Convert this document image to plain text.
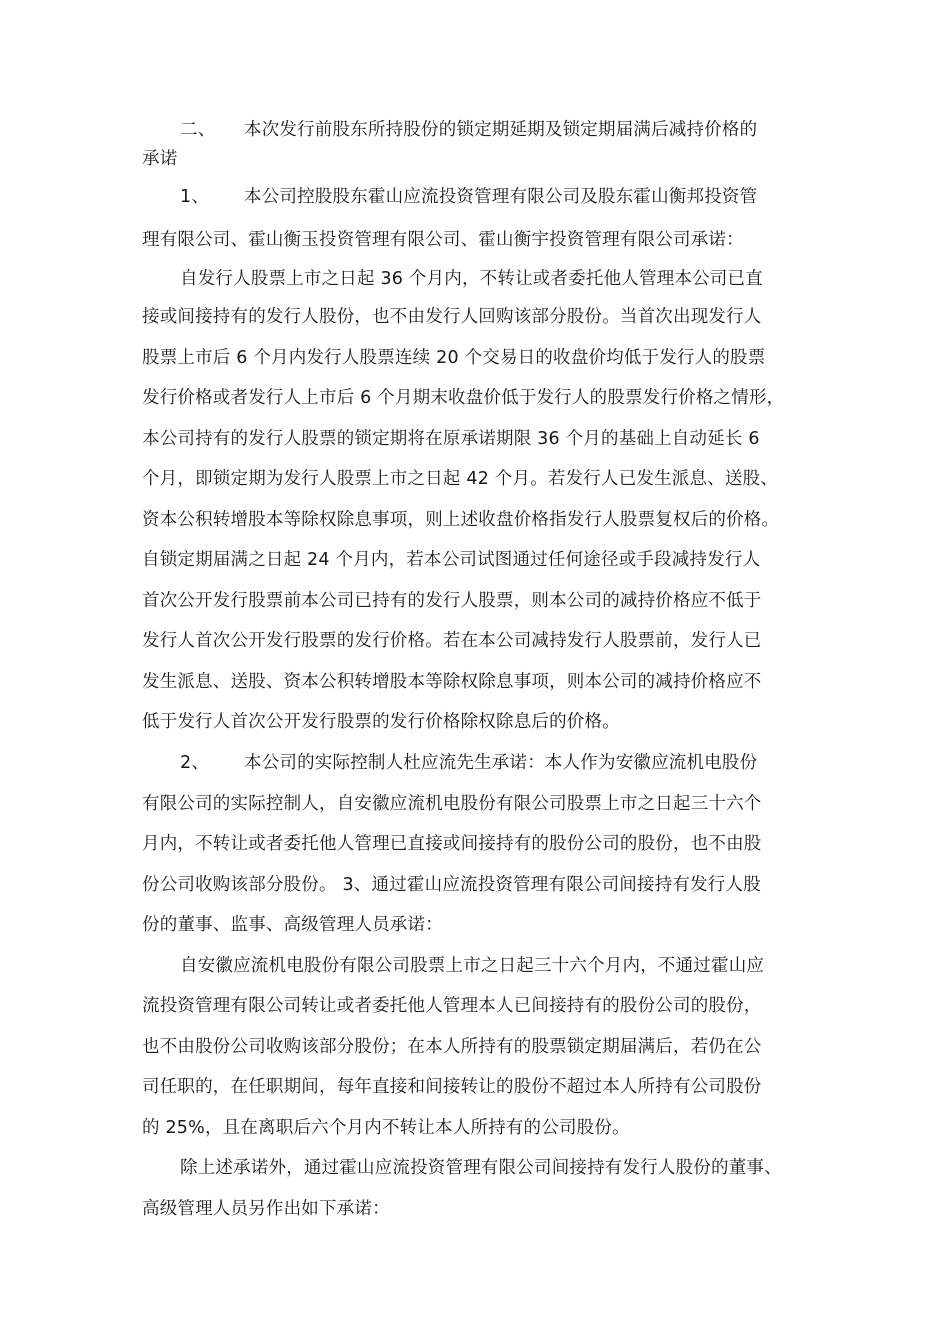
二、 本次发行前股东所持股份的锁定期延期及锁定期届满后减持价格的
承诺
1、 本公司控股股东霍山应流投资管理有限公司及股东霍山衡邦投资管
理有限公司、霍山衡玉投资管理有限公司、霍山衡宇投资管理有限公司承诺：
自发行人股票上市之日起 36 个月内，不转让或者委托他人管理本公司已直
接或间接持有的发行人股份，也不由发行人回购该部分股份。当首次出现发行人
股票上市后 6 个月内发行人股票连续 20 个交易日的收盘价均低于发行人的股票
发行价格或者发行人上市后 6 个月期末收盘价低于发行人的股票发行价格之情形，
本公司持有的发行人股票的锁定期将在原承诺期限 36 个月的基础上自动延长 6
个月，即锁定期为发行人股票上市之日起 42 个月。若发行人已发生派息、送股、
资本公积转增股本等除权除息事项，则上述收盘价格指发行人股票复权后的价格。
自锁定期届满之日起 24 个月内，若本公司试图通过任何途径或手段减持发行人
首次公开发行股票前本公司已持有的发行人股票，则本公司的减持价格应不低于
发行人首次公开发行股票的发行价格。若在本公司减持发行人股票前，发行人已
发生派息、送股、资本公积转增股本等除权除息事项，则本公司的减持价格应不
低于发行人首次公开发行股票的发行价格除权除息后的价格。
2、 本公司的实际控制人杜应流先生承诺：本人作为安徽应流机电股份
有限公司的实际控制人，自安徽应流机电股份有限公司股票上市之日起三十六个
月内，不转让或者委托他人管理已直接或间接持有的股份公司的股份，也不由股
份公司收购该部分股份。 3、通过霍山应流投资管理有限公司间接持有发行人股
份的董事、监事、高级管理人员承诺：
自安徽应流机电股份有限公司股票上市之日起三十六个月内，不通过霍山应
流投资管理有限公司转让或者委托他人管理本人已间接持有的股份公司的股份，
也不由股份公司收购该部分股份；在本人所持有的股票锁定期届满后，若仍在公
司任职的，在任职期间，每年直接和间接转让的股份不超过本人所持有公司股份
的 25%，且在离职后六个月内不转让本人所持有的公司股份。
除上述承诺外，通过霍山应流投资管理有限公司间接持有发行人股份的董事、
高级管理人员另作出如下承诺：
